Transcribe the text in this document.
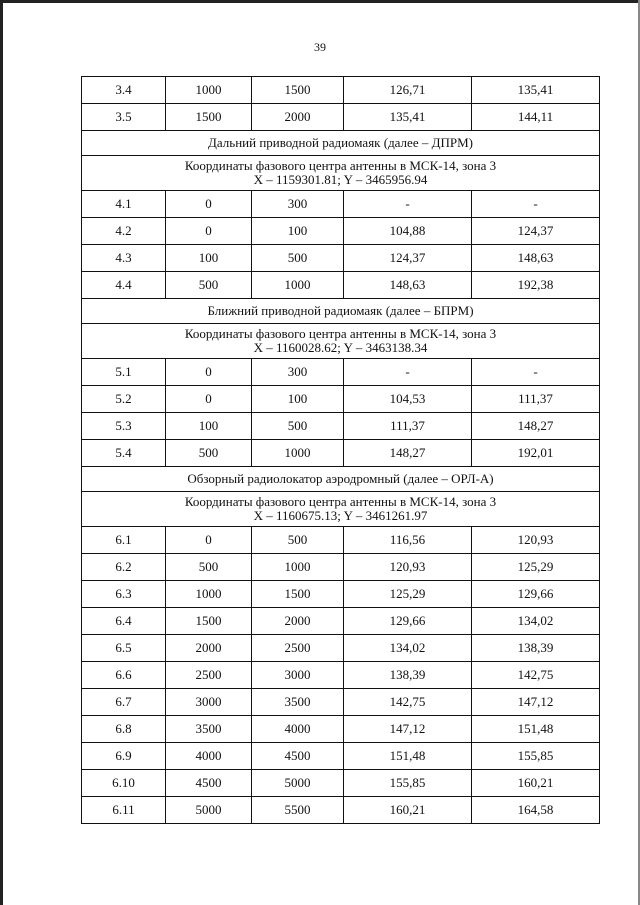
39
3.4	1000	1500	126,71	135,41
3.5	1500	2000	135,41	144,11
Дальний приводной радиомаяк (далее – ДПРМ)				

Координаты фазового центра антенны в МСК-14, зона 3
X – 1159301.81; Y – 3465956.94				

4.1	0	300	-	-
4.2	0	100	104,88	124,37
4.3	100	500	124,37	148,63
4.4	500	1000	148,63	192,38
Ближний приводной радиомаяк (далее – БПРМ)				

Координаты фазового центра антенны в МСК-14, зона 3
X – 1160028.62; Y – 3463138.34				

5.1	0	300	-	-
5.2	0	100	104,53	111,37
5.3	100	500	111,37	148,27
5.4	500	1000	148,27	192,01
Обзорный радиолокатор аэродромный (далее – ОРЛ-А)				

Координаты фазового центра антенны в МСК-14, зона 3
X – 1160675.13; Y – 3461261.97				

6.1	0	500	116,56	120,93
6.2	500	1000	120,93	125,29
6.3	1000	1500	125,29	129,66
6.4	1500	2000	129,66	134,02
6.5	2000	2500	134,02	138,39
6.6	2500	3000	138,39	142,75
6.7	3000	3500	142,75	147,12
6.8	3500	4000	147,12	151,48
6.9	4000	4500	151,48	155,85
6.10	4500	5000	155,85	160,21
6.11	5000	5500	160,21	164,58
